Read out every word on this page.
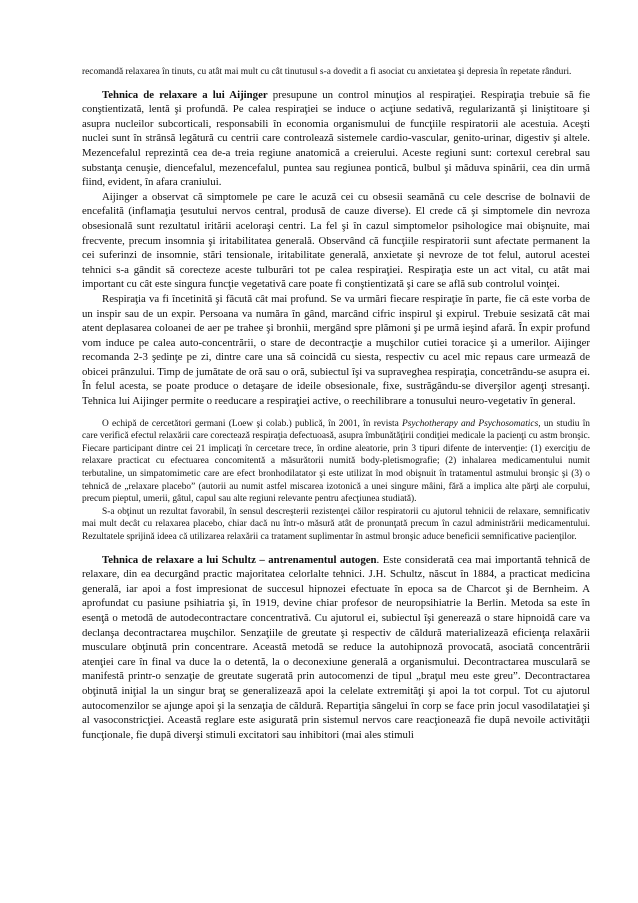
recomandă relaxarea în tinuts, cu atât mai mult cu cât tinutusul s-a dovedit a fi asociat cu anxietatea şi depresia în repetate rânduri.

Tehnica de relaxare a lui Aijinger presupune un control minuţios al respiraţiei. Respiraţia trebuie să fie conştientizată, lentă şi profundă. Pe calea respiraţiei se induce o acţiune sedativă, regularizantă şi liniştitoare şi asupra nucleilor subcorticali, responsabili în economia organismului de funcţiile respiratorii ale acestuia. Aceşti nuclei sunt în strânsă legătură cu centrii care controlează sistemele cardio-vascular, genito-urinar, digestiv şi altele. Mezencefalul reprezintă cea de-a treia regiune anatomică a creierului. Aceste regiuni sunt: cortexul cerebral sau substanţa cenuşie, diencefalul, mezencefalul, puntea sau regiunea pontică, bulbul şi măduva spinării, cea din urmă fiind, evident, în afara craniului.

Aijinger a observat că simptomele pe care le acuză cei cu obsesii seamănă cu cele descrise de bolnavii de encefalită (inflamaţia ţesutului nervos central, produsă de cauze diverse). El crede că şi simptomele din nevroza obsesională sunt rezultatul iritării aceloraşi centri. La fel şi în cazul simptomelor psihologice mai obişnuite, mai frecvente, precum insomnia şi iritabilitatea generală. Observând că funcţiile respiratorii sunt afectate permanent la cei suferinzi de insomnie, stări tensionale, iritabilitate generală, anxietate şi nevroze de tot felul, autorul acestei tehnici s-a gândit să corecteze aceste tulburări tot pe calea respiraţiei. Respiraţia este un act vital, cu atât mai important cu cât este singura funcţie vegetativă care poate fi conştientizată şi care se află sub controlul voinţei.

Respiraţia va fi încetinită şi făcută cât mai profund. Se va urmări fiecare respiraţie în parte, fie că este vorba de un inspir sau de un expir. Persoana va număra în gând, marcând cifric inspirul şi expirul. Trebuie sesizată cât mai atent deplasarea coloanei de aer pe trahee şi bronhii, mergând spre plămoni şi pe urmă ieşind afară. În expir profund vom induce pe calea auto-concentrării, o stare de decontracţie a muşchilor cutiei toracice şi a umerilor. Aijinger recomanda 2-3 şedinţe pe zi, dintre care una să coincidă cu siesta, respectiv cu acel mic repaus care urmează de obicei prânzului. Timp de jumătate de oră sau o oră, subiectul îşi va supraveghea respiraţia, concetrându-se asupra ei. În felul acesta, se poate produce o detaşare de ideile obsesionale, fixe, sustrăgându-se diverşilor agenţi stresanţi. Tehnica lui Aijinger permite o reeducare a respiraţiei active, o reechilibrare a tonusului neuro-vegetativ în general.

O echipă de cercetători germani (Loew şi colab.) publică, în 2001, în revista Psychotherapy and Psychosomatics, un studiu în care verifică efectul relaxării care corecteazǎ respiraţia defectuoasǎ, asupra îmbunătăţirii condiţiei medicale la pacienţi cu astm bronşic. Fiecare participant dintre cei 21 implicaţi în cercetare trece, în ordine aleatorie, prin 3 tipuri difente de intervenţie: (1) exerciţiu de relaxare practicat cu efectuarea concomitentă a măsurătorii numită body-pletismografie; (2) inhalarea medicamentului numit terbutaline, un simpatomimetic care are efect bronhodilatator şi este utilizat în mod obişnuit în tratamentul astmului bronşic şi (3) o tehnică de „relaxare placebo” (autorii au numit astfel miscarea izotonică a unei singure mâini, fără a implica alte părţi ale corpului, precum pieptul, umerii, gâtul, capul sau alte regiuni relevante pentru afecţiunea studiată).

S-a obţinut un rezultat favorabil, în sensul descreşterii rezistenţei căilor respiratorii cu ajutorul tehnicii de relaxare, semnificativ mai mult decât cu relaxarea placebo, chiar dacă nu într-o măsură atât de pronunţată precum în cazul administrării medicamentului. Rezultatele sprijină ideea că utilizarea relaxării ca tratament suplimentar în astmul bronşic aduce beneficii semnificative pacienţilor.

Tehnica de relaxare a lui Schultz – antrenamentul autogen. Este considerată cea mai importantă tehnică de relaxare, din ea decurgând practic majoritatea celorlalte tehnici. J.H. Schultz, născut în 1884, a practicat medicina generală, iar apoi a fost impresionat de succesul hipnozei efectuate în epoca sa de Charcot şi de Bernheim. A aprofundat cu pasiune psihiatria şi, în 1919, devine chiar profesor de neuropsihiatrie la Berlin. Metoda sa este în esenţă o metodă de autodecontractare concentrativă. Cu ajutorul ei, subiectul îşi generează o stare hipnoidă care va declanşa decontractarea muşchilor. Senzaţiile de greutate şi respectiv de căldură materializează eficienţa relaxării musculare obţinută prin concentrare. Această metodă se reduce la autohipnoză provocată, asociată concentrării atenţiei care în final va duce la o detentă, la o deconexiune generală a organismului. Decontractarea musculară se manifestă printr-o senzaţie de greutate sugerată prin autocomenzi de tipul „braţul meu este greu”. Decontractarea obţinută iniţial la un singur braţ se generalizează apoi la celelate extremităţi şi apoi la tot corpul. Tot cu ajutorul autocomenzilor se ajunge apoi şi la senzaţia de căldură. Repartiţia sângelui în corp se face prin jocul vasodilataţiei şi al vasoconstricţiei. Această reglare este asigurată prin sistemul nervos care reacţionează fie după nevoile activităţii funcţionale, fie după diverşi stimuli excitatori sau inhibitori (mai ales stimuli
